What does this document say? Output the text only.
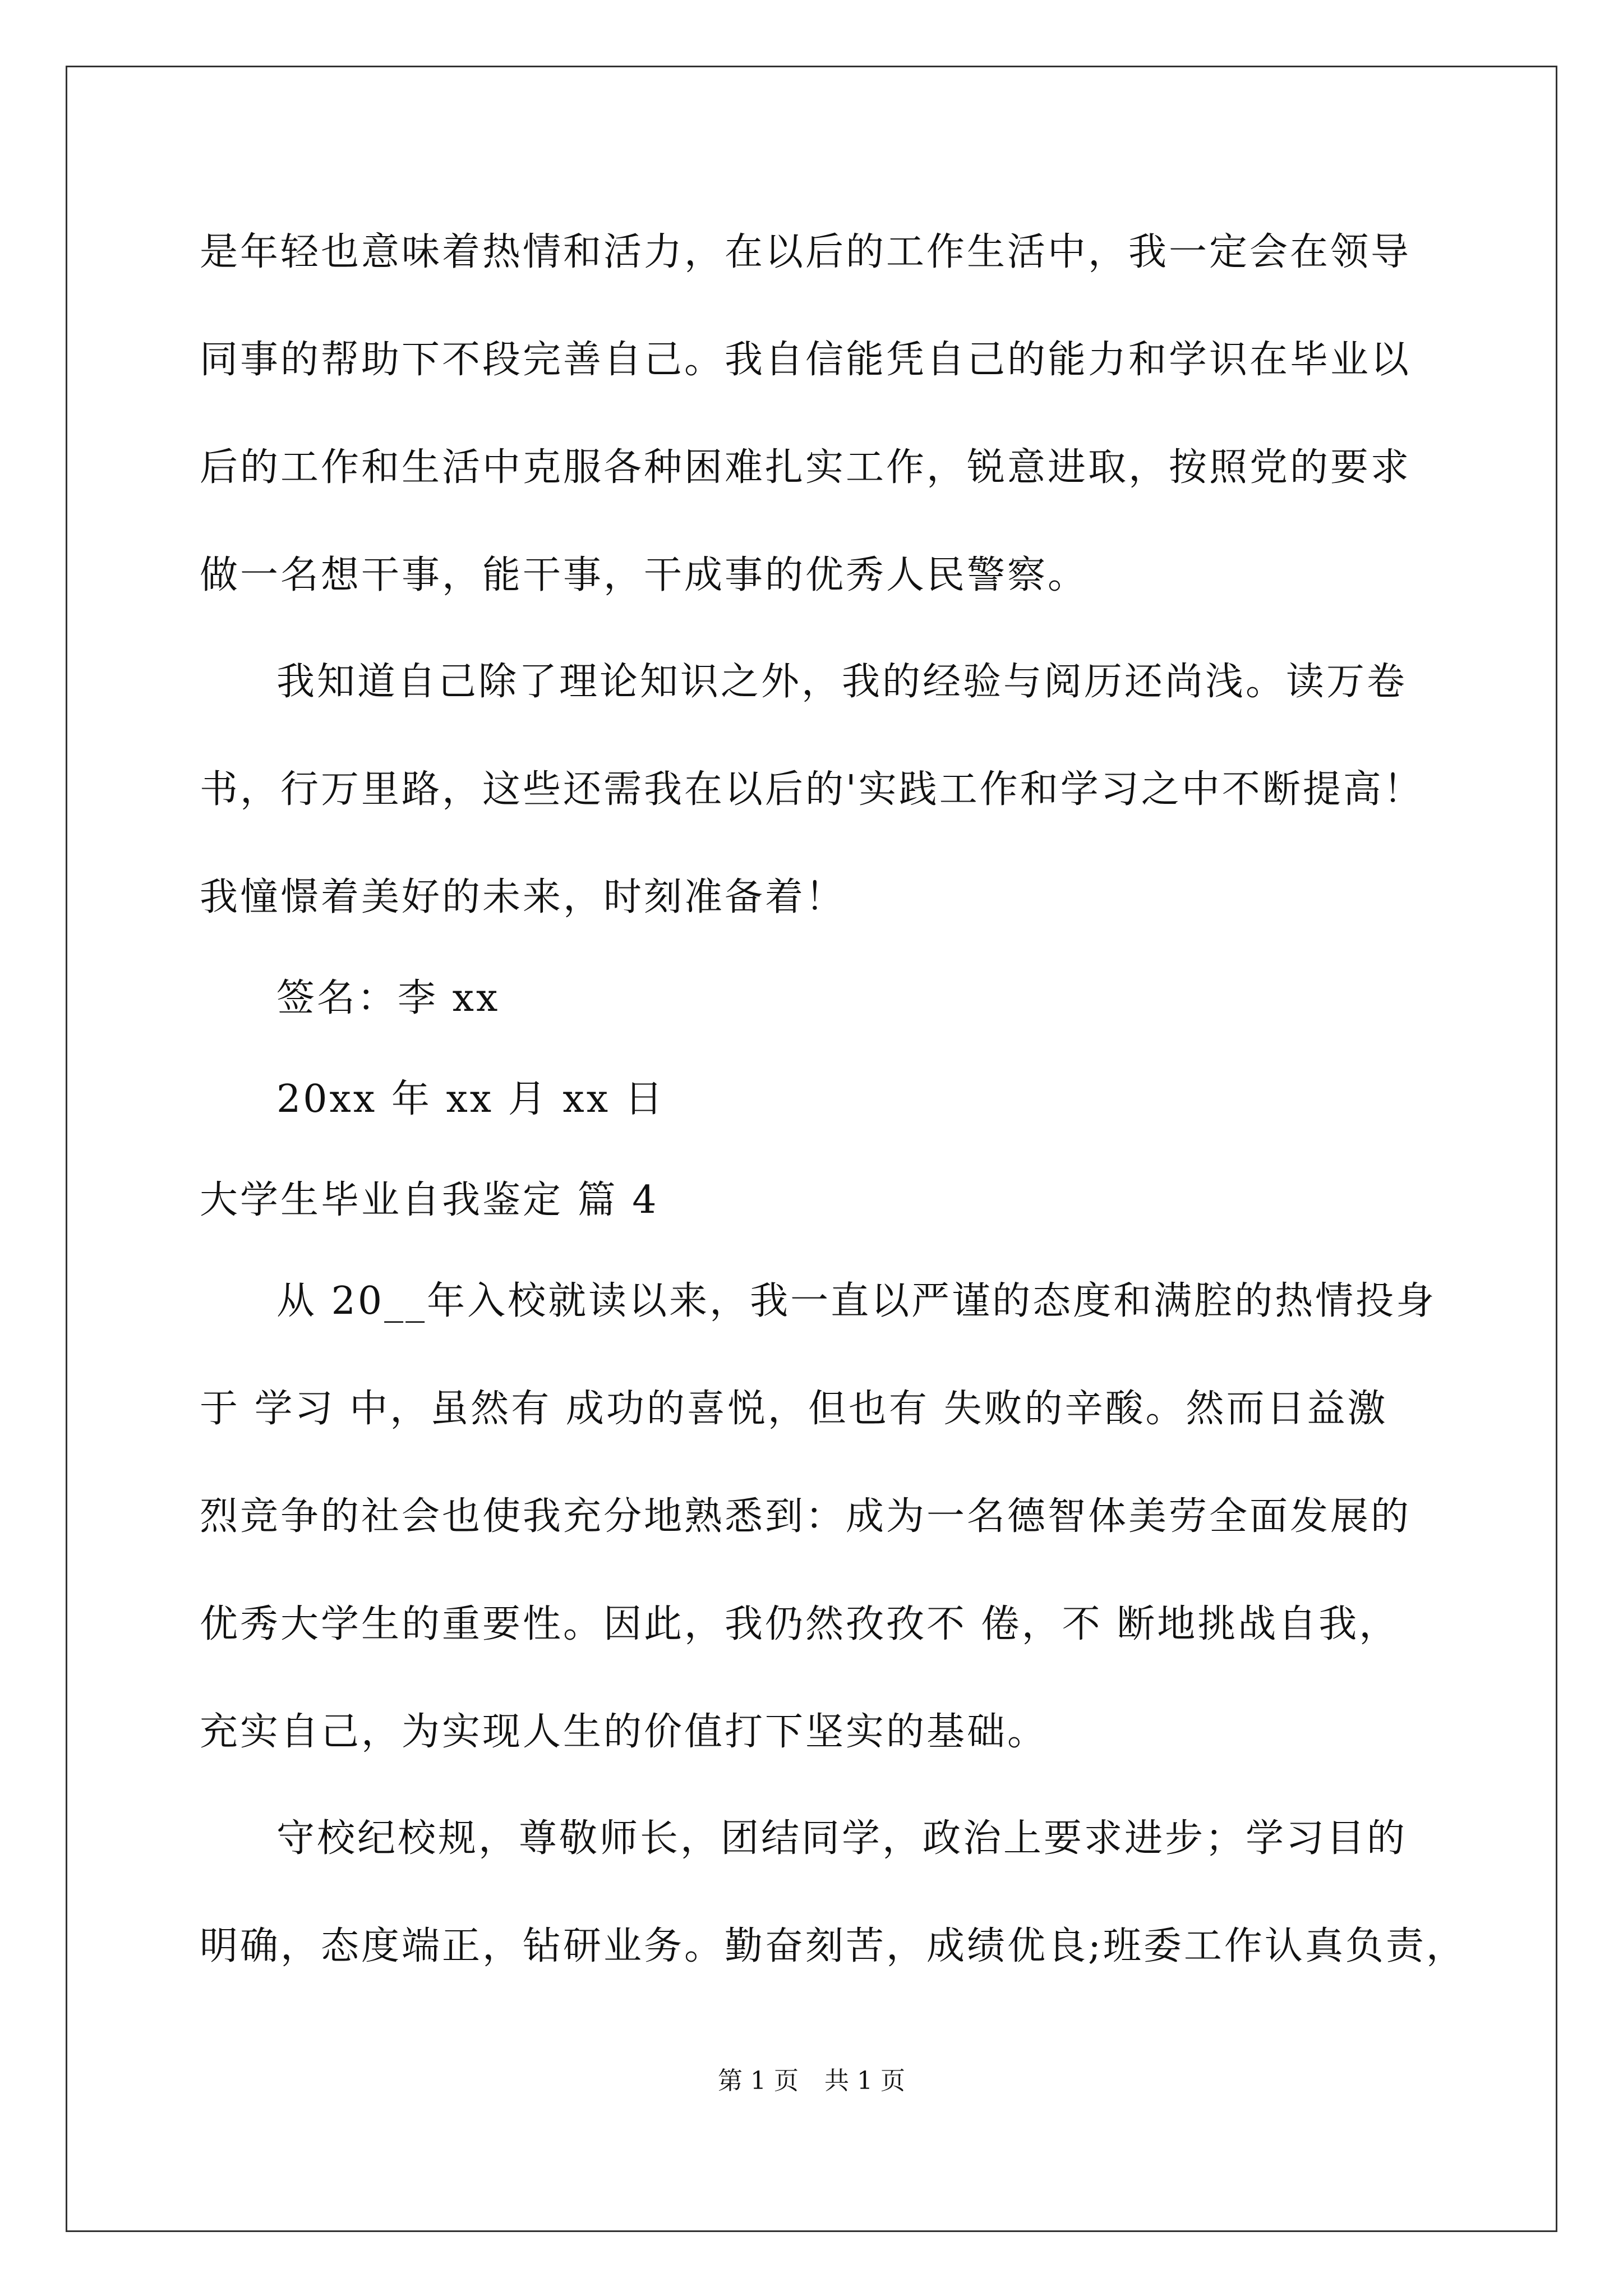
是年轻也意味着热情和活力，在以后的工作生活中，我一定会在领导
同事的帮助下不段完善自己。我自信能凭自己的能力和学识在毕业以
后的工作和生活中克服各种困难扎实工作，锐意进取，按照党的要求
做一名想干事，能干事，干成事的优秀人民警察。
我知道自己除了理论知识之外，我的经验与阅历还尚浅。读万卷
书，行万里路，这些还需我在以后的'实践工作和学习之中不断提高！
我憧憬着美好的未来，时刻准备着！
签名：李 xx
20xx 年 xx 月 xx 日
大学生毕业自我鉴定 篇 4
从 20__年入校就读以来，我一直以严谨的态度和满腔的热情投身
于 学习 中，虽然有 成功的喜悦，但也有 失败的辛酸。然而日益激
烈竞争的社会也使我充分地熟悉到：成为一名德智体美劳全面发展的
优秀大学生的重要性。因此，我仍然孜孜不 倦，不 断地挑战自我，
充实自己，为实现人生的价值打下坚实的基础。
守校纪校规，尊敬师长，团结同学，政治上要求进步；学习目的
明确，态度端正，钻研业务。勤奋刻苦，成绩优良;班委工作认真负责，
第 1 页 共 1 页
